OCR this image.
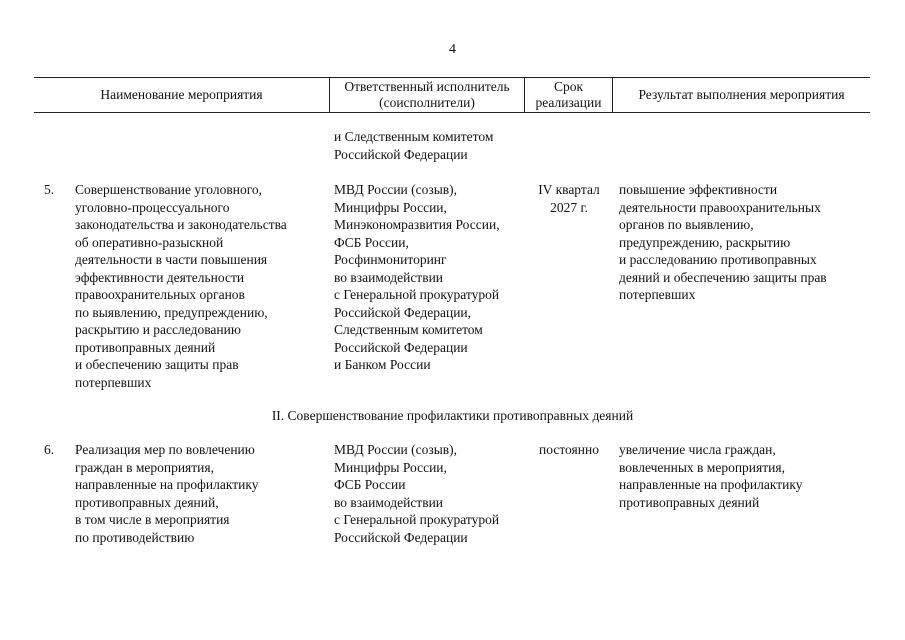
4
Наименование мероприятия
Ответственный исполнитель
(соисполнители)
Срок
реализации
Результат выполнения мероприятия
и Следственным комитетом
Российской Федерации
5. Совершенствование уголовного,
уголовно-процессуального
законодательства и законодательства
об оперативно-разыскной
деятельности в части повышения
эффективности деятельности
правоохранительных органов
по выявлению, предупреждению,
раскрытию и расследованию
противоправных деяний
и обеспечению защиты прав
потерпевших
МВД России (созыв),
Минцифры России,
Минэкономразвития России,
ФСБ России,
Росфинмониторинг
во взаимодействии
с Генеральной прокуратурой
Российской Федерации,
Следственным комитетом
Российской Федерации
и Банком России
IV квартал
2027 г.
повышение эффективности
деятельности правоохранительных
органов по выявлению,
предупреждению, раскрытию
и расследованию противоправных
деяний и обеспечению защиты прав
потерпевших
II. Совершенствование профилактики противоправных деяний
6. Реализация мер по вовлечению
граждан в мероприятия,
направленные на профилактику
противоправных деяний,
в том числе в мероприятия
по противодействию
МВД России (созыв),
Минцифры России,
ФСБ России
во взаимодействии
с Генеральной прокуратурой
Российской Федерации
постоянно	увеличение числа граждан,
вовлеченных в мероприятия,
направленные на профилактику
противоправных деяний
